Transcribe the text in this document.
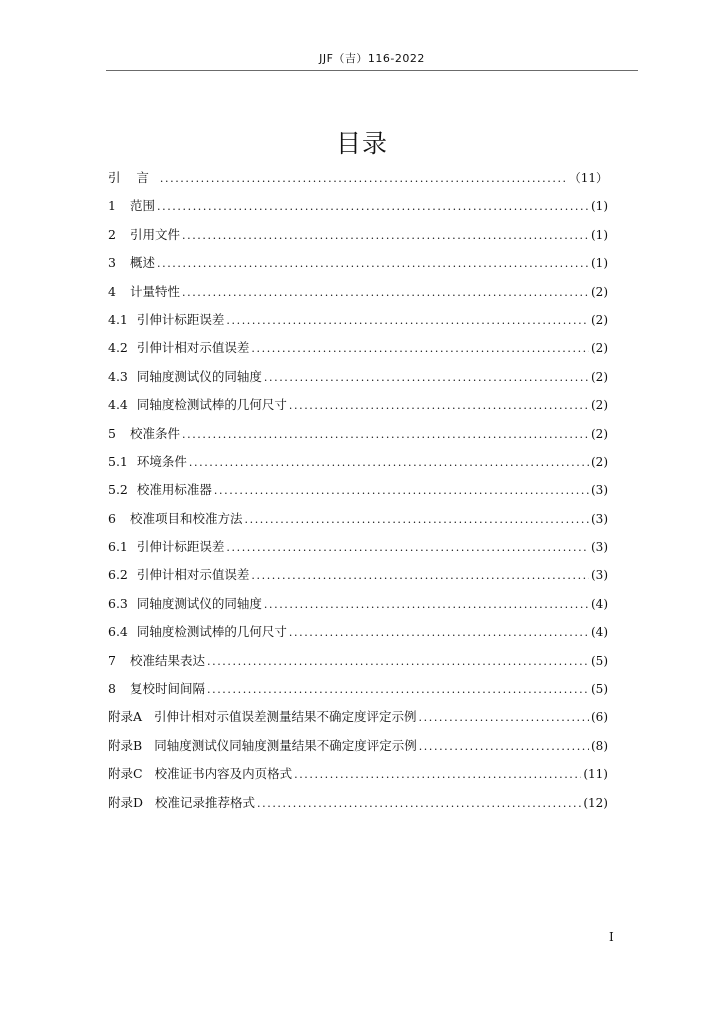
JJF（吉）116-2022
目录
引    言 .....	（11）
1	范围 .....	(1)
2	引用文件 .....	(1)
3	概述 .....	(1)
4	计量特性 .....	(2)
4.1 引伸计标距误差 .....	(2)
4.2 引伸计相对示值误差 .....	(2)
4.3 同轴度测试仪的同轴度 .....	(2)
4.4 同轴度检测试棒的几何尺寸 .....	(2)
5	校准条件 .....	(2)
5.1 环境条件 .....	(2)
5.2 校准用标准器 .....	(3)
6	校准项目和校准方法 .....	(3)
6.1 引伸计标距误差 .....	(3)
6.2 引伸计相对示值误差 .....	(3)
6.3 同轴度测试仪的同轴度 .....	(4)
6.4 同轴度检测试棒的几何尺寸 .....	(4)
7	校准结果表达 .....	(5)
8	复校时间间隔 .....	(5)
附录A 引伸计相对示值误差测量结果不确定度评定示例 .....	(6)
附录B 同轴度测试仪同轴度测量结果不确定度评定示例 .....	(8)
附录C 校准证书内容及内页格式 .....	(11)
附录D 校准记录推荐格式 .....	(12)
I
